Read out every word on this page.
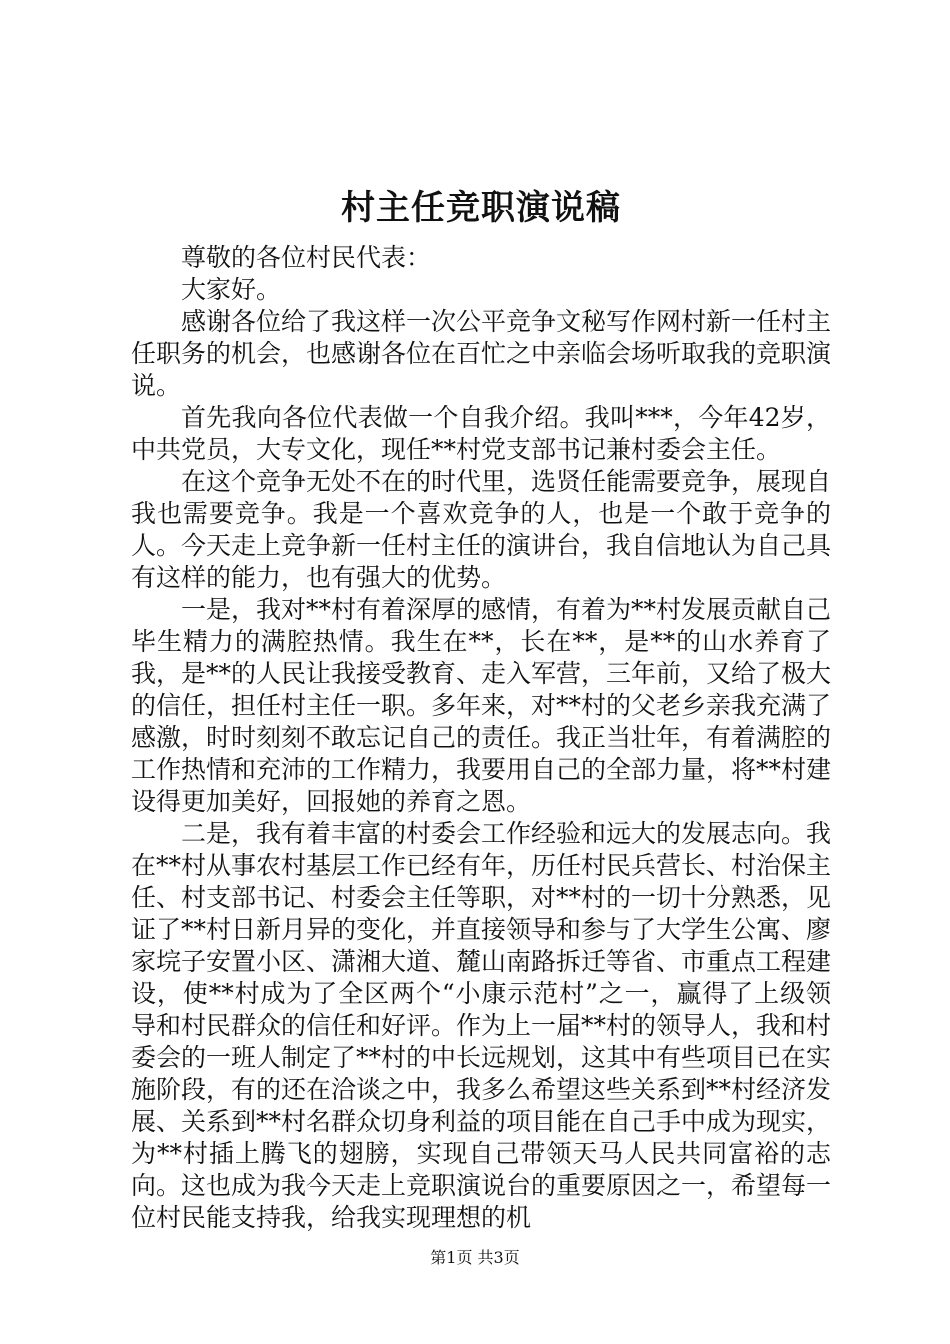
村主任竞职演说稿

尊敬的各位村民代表：

大家好。

感谢各位给了我这样一次公平竞争文秘写作网村新一任村主任职务的机会，也感谢各位在百忙之中亲临会场听取我的竞职演说。

首先我向各位代表做一个自我介绍。我叫***，今年42岁，中共党员，大专文化，现任**村党支部书记兼村委会主任。

在这个竞争无处不在的时代里，选贤任能需要竞争，展现自我也需要竞争。我是一个喜欢竞争的人，也是一个敢于竞争的人。今天走上竞争新一任村主任的演讲台，我自信地认为自己具有这样的能力，也有强大的优势。

一是，我对**村有着深厚的感情，有着为**村发展贡献自己毕生精力的满腔热情。我生在**，长在**，是**的山水养育了我，是**的人民让我接受教育、走入军营，三年前，又给了极大的信任，担任村主任一职。多年来，对**村的父老乡亲我充满了感激，时时刻刻不敢忘记自己的责任。我正当壮年，有着满腔的工作热情和充沛的工作精力，我要用自己的全部力量，将**村建设得更加美好，回报她的养育之恩。

二是，我有着丰富的村委会工作经验和远大的发展志向。我在**村从事农村基层工作已经有年，历任村民兵营长、村治保主任、村支部书记、村委会主任等职，对**村的一切十分熟悉，见证了**村日新月异的变化，并直接领导和参与了大学生公寓、廖家垸子安置小区、潇湘大道、麓山南路拆迁等省、市重点工程建设，使**村成为了全区两个“小康示范村”之一，赢得了上级领导和村民群众的信任和好评。作为上一届**村的领导人，我和村委会的一班人制定了**村的中长远规划，这其中有些项目已在实施阶段，有的还在洽谈之中，我多么希望这些关系到**村经济发展、关系到**村名群众切身利益的项目能在自己手中成为现实，为**村插上腾飞的翅膀，实现自己带领天马人民共同富裕的志向。这也成为我今天走上竞职演说台的重要原因之一，希望每一位村民能支持我，给我实现理想的机

第1页 共3页
